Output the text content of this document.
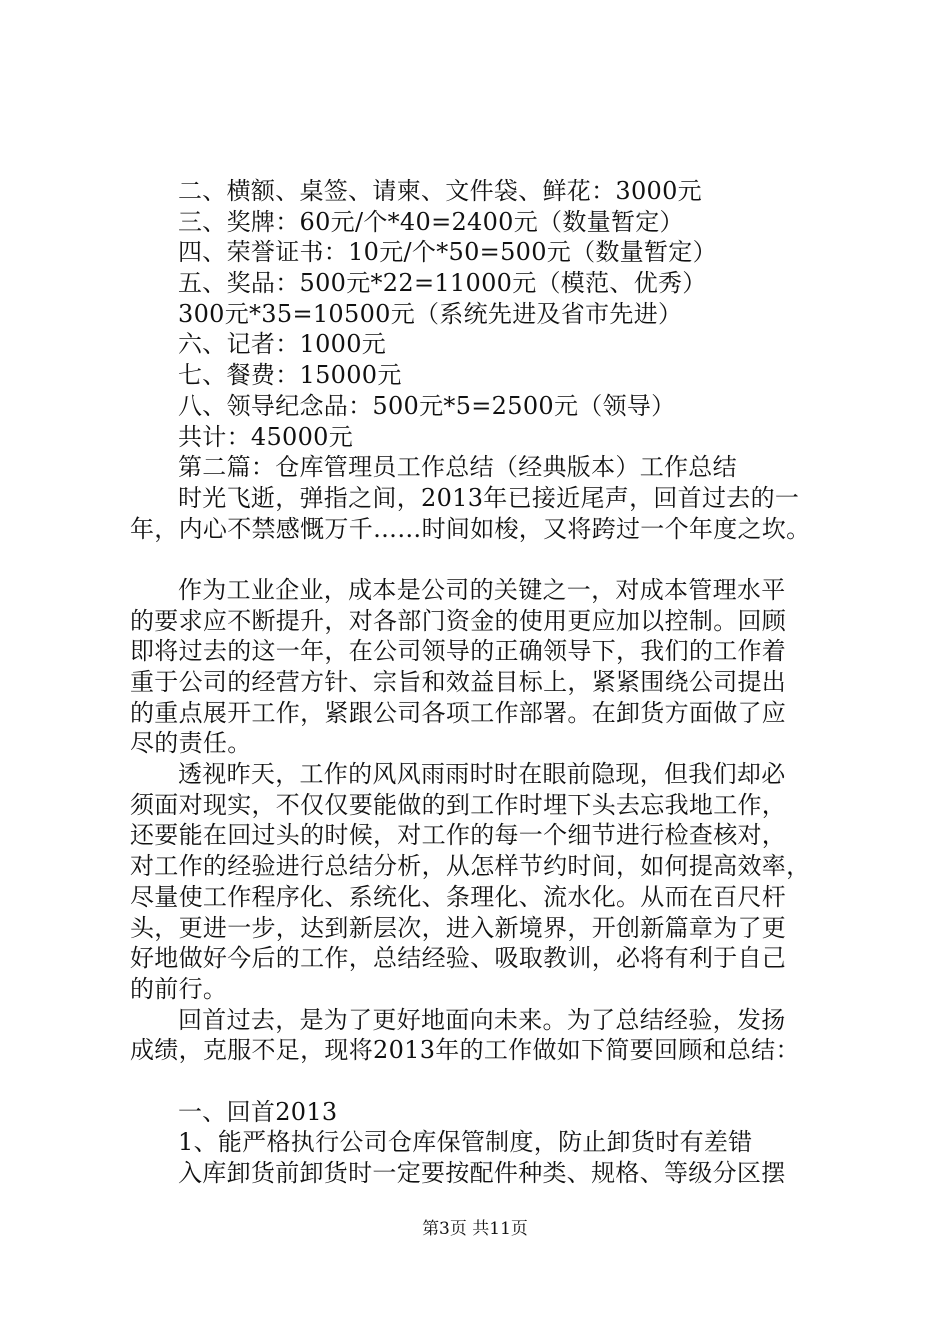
二、横额、桌签、请柬、文件袋、鲜花：3000元
三、奖牌：60元/个*40=2400元（数量暂定）
四、荣誉证书：10元/个*50=500元（数量暂定）
五、奖品：500元*22=11000元（模范、优秀）
300元*35=10500元（系统先进及省市先进）
六、记者：1000元
七、餐费：15000元
八、领导纪念品：500元*5=2500元（领导）
共计：45000元
第二篇：仓库管理员工作总结（经典版本）工作总结
时光飞逝，弹指之间，2013年已接近尾声，回首过去的一
年，内心不禁感慨万千……时间如梭，又将跨过一个年度之坎。
作为工业企业，成本是公司的关键之一，对成本管理水平
的要求应不断提升，对各部门资金的使用更应加以控制。回顾
即将过去的这一年，在公司领导的正确领导下，我们的工作着
重于公司的经营方针、宗旨和效益目标上，紧紧围绕公司提出
的重点展开工作，紧跟公司各项工作部署。在卸货方面做了应
尽的责任。
透视昨天，工作的风风雨雨时时在眼前隐现，但我们却必
须面对现实，不仅仅要能做的到工作时埋下头去忘我地工作，
还要能在回过头的时候，对工作的每一个细节进行检查核对，
对工作的经验进行总结分析，从怎样节约时间，如何提高效率，
尽量使工作程序化、系统化、条理化、流水化。从而在百尺杆
头，更进一步，达到新层次，进入新境界，开创新篇章为了更
好地做好今后的工作，总结经验、吸取教训，必将有利于自己
的前行。
回首过去，是为了更好地面向未来。为了总结经验，发扬
成绩，克服不足，现将2013年的工作做如下简要回顾和总结：
一、回首2013
1、能严格执行公司仓库保管制度，防止卸货时有差错
入库卸货前卸货时一定要按配件种类、规格、等级分区摆
第3页 共11页
